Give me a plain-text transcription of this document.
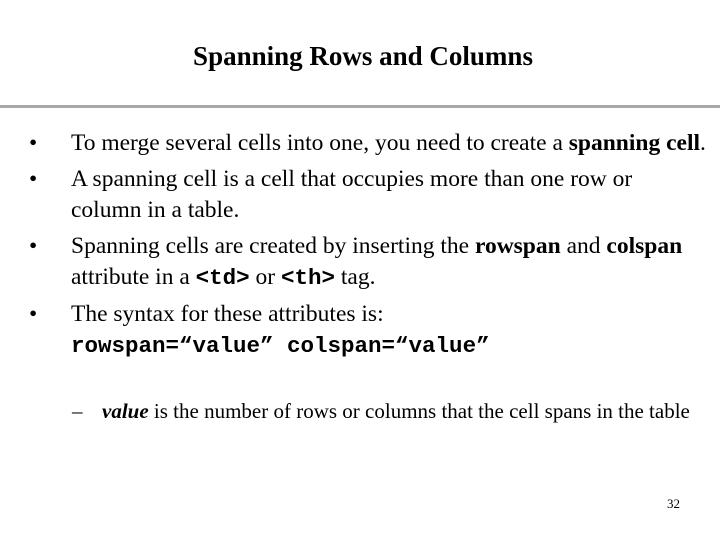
Spanning Rows and Columns
•	To merge several cells into one, you need to create a spanning cell.
•	A spanning cell is a cell that occupies more than one row or column in a table.
•	Spanning cells are created by inserting the rowspan and colspan attribute in a <td> or <th> tag.
•	The syntax for these attributes is:
rowspan=“value” colspan=“value”
– value is the number of rows or columns that the cell spans in the table
32
